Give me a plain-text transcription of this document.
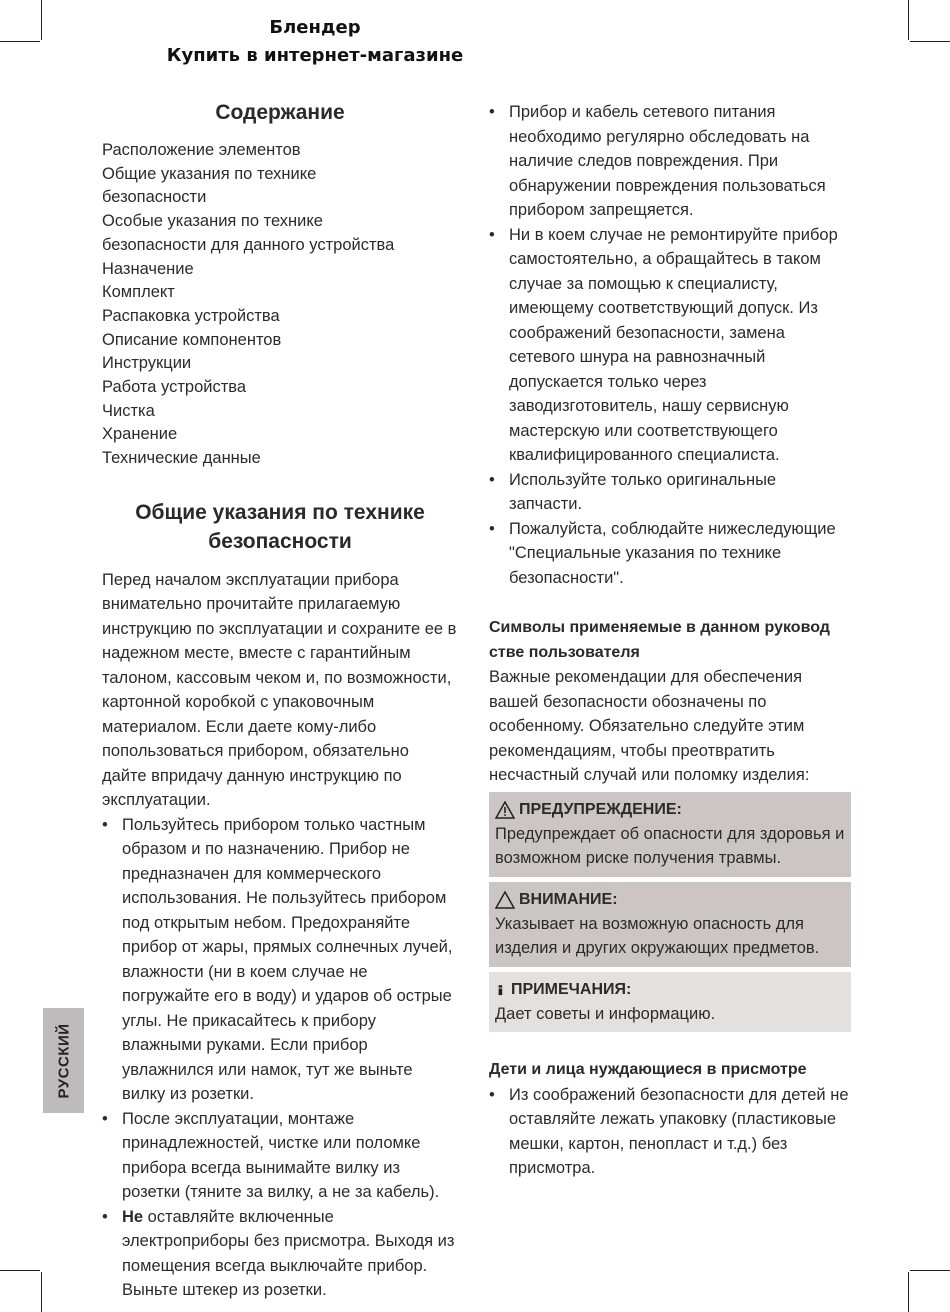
Блендер
Купить в интернет-магазине
РУССКИЙ
Содержание
Расположение элементов
Общие указания по технике
безопасности
Особые указания по технике
безопасности для данного устройства
Назначение
Комплект
Распаковка устройства
Описание компонентов
Инструкции
Работа устройства
Чистка
Хранение
Технические данные
Общие указания по технике
безопасности

Перед началом эксплуатации прибора внимательно прочитайте прилагаемую инструкцию по эксплуатации и сохраните ее в надежном месте, вместе с гарантийным талоном, кассовым чеком и, по возможности, картонной коробкой с упаковочным материалом. Если даете кому-либо попользоваться прибором, обязательно дайте впридачу данную инструкцию по эксплуатации.

• Пользуйтесь прибором только частным образом и по назначению. Прибор не предназначен для коммерческого использования. Не пользуйтесь прибором под открытым небом. Предохраняйте прибор от жары, прямых солнечных лучей, влажности (ни в коем случае не погружайте его в воду) и ударов об острые углы. Не прикасайтесь к прибору влажными руками. Если прибор увлажнился или намок, тут же выньте вилку из розетки.
• После эксплуатации, монтаже принадлежностей, чистке или поломке прибора всегда вынимайте вилку из розетки (тяните за вилку, а не за кабель).
• Не оставляйте включенные электроприборы без присмотра. Выходя из помещения всегда выключайте прибор. Выньте штекер из розетки.
• Прибор и кабель сетевого питания необходимо регулярно обследовать на наличие следов повреждения. При обнаружении повреждения пользоваться прибором запрещяется.
• Ни в коем случае не ремонтируйте прибор самостоятельно, а обращайтесь в таком случае за помощью к специалисту, имеющему соответствующий допуск. Из соображений безопасности, замена сетевого шнура на равнозначный допускается только через заводизготовитель, нашу сервисную мастерскую или соответствующего квалифицированного специалиста.
• Используйте только оригинальные запчасти.
• Пожалуйста, соблюдайте нижеследующие "Специальные указания по технике безопасности".

Символы применяемые в данном руковод стве пользователя

Важные рекомендации для обеспечения вашей безопасности обозначены по особенному. Обязательно следуйте этим рекомендациям, чтобы преотвратить несчастный случай или поломку изделия:

ПРЕДУПРЕЖДЕНИЕ:
Предупреждает об опасности для здоровья и возможном риске получения травмы.
ВНИМАНИЕ:
Указывает на возможную опасность для изделия и других окружающих предметов.
ПРИМЕЧАНИЯ:
Дает советы и информацию.

Дети и лица нуждающиеся в присмотре

• Из соображений безопасности для детей не оставляйте лежать упаковку (пластиковые мешки, картон, пенопласт и т.д.) без присмотра.
